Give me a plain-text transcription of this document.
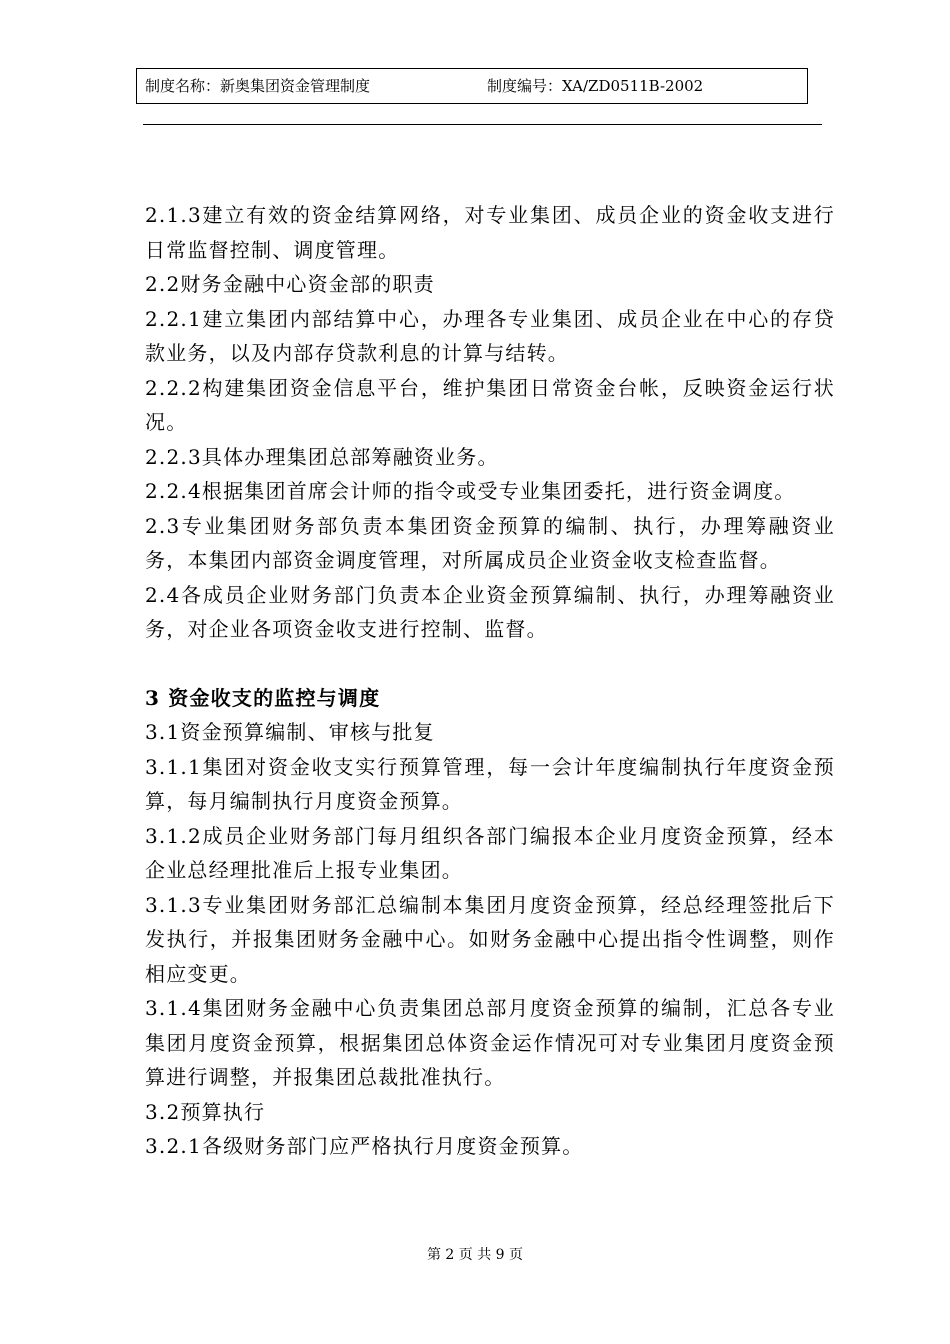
制度名称：新奥集团资金管理制度	制度编号：XA/ZD0511B-2002

2.1.3建立有效的资金结算网络，对专业集团、成员企业的资金收支进行日常监督控制、调度管理。

2.2财务金融中心资金部的职责

2.2.1建立集团内部结算中心，办理各专业集团、成员企业在中心的存贷款业务，以及内部存贷款利息的计算与结转。

2.2.2构建集团资金信息平台，维护集团日常资金台帐，反映资金运行状况。

2.2.3具体办理集团总部筹融资业务。

2.2.4根据集团首席会计师的指令或受专业集团委托，进行资金调度。

2.3专业集团财务部负责本集团资金预算的编制、执行，办理筹融资业务，本集团内部资金调度管理，对所属成员企业资金收支检查监督。

2.4各成员企业财务部门负责本企业资金预算编制、执行，办理筹融资业务，对企业各项资金收支进行控制、监督。

3 资金收支的监控与调度

3.1资金预算编制、审核与批复

3.1.1集团对资金收支实行预算管理，每一会计年度编制执行年度资金预算，每月编制执行月度资金预算。

3.1.2成员企业财务部门每月组织各部门编报本企业月度资金预算，经本企业总经理批准后上报专业集团。

3.1.3专业集团财务部汇总编制本集团月度资金预算，经总经理签批后下发执行，并报集团财务金融中心。如财务金融中心提出指令性调整，则作相应变更。

3.1.4集团财务金融中心负责集团总部月度资金预算的编制，汇总各专业集团月度资金预算，根据集团总体资金运作情况可对专业集团月度资金预算进行调整，并报集团总裁批准执行。

3.2预算执行

3.2.1各级财务部门应严格执行月度资金预算。

第 2 页 共 9 页
